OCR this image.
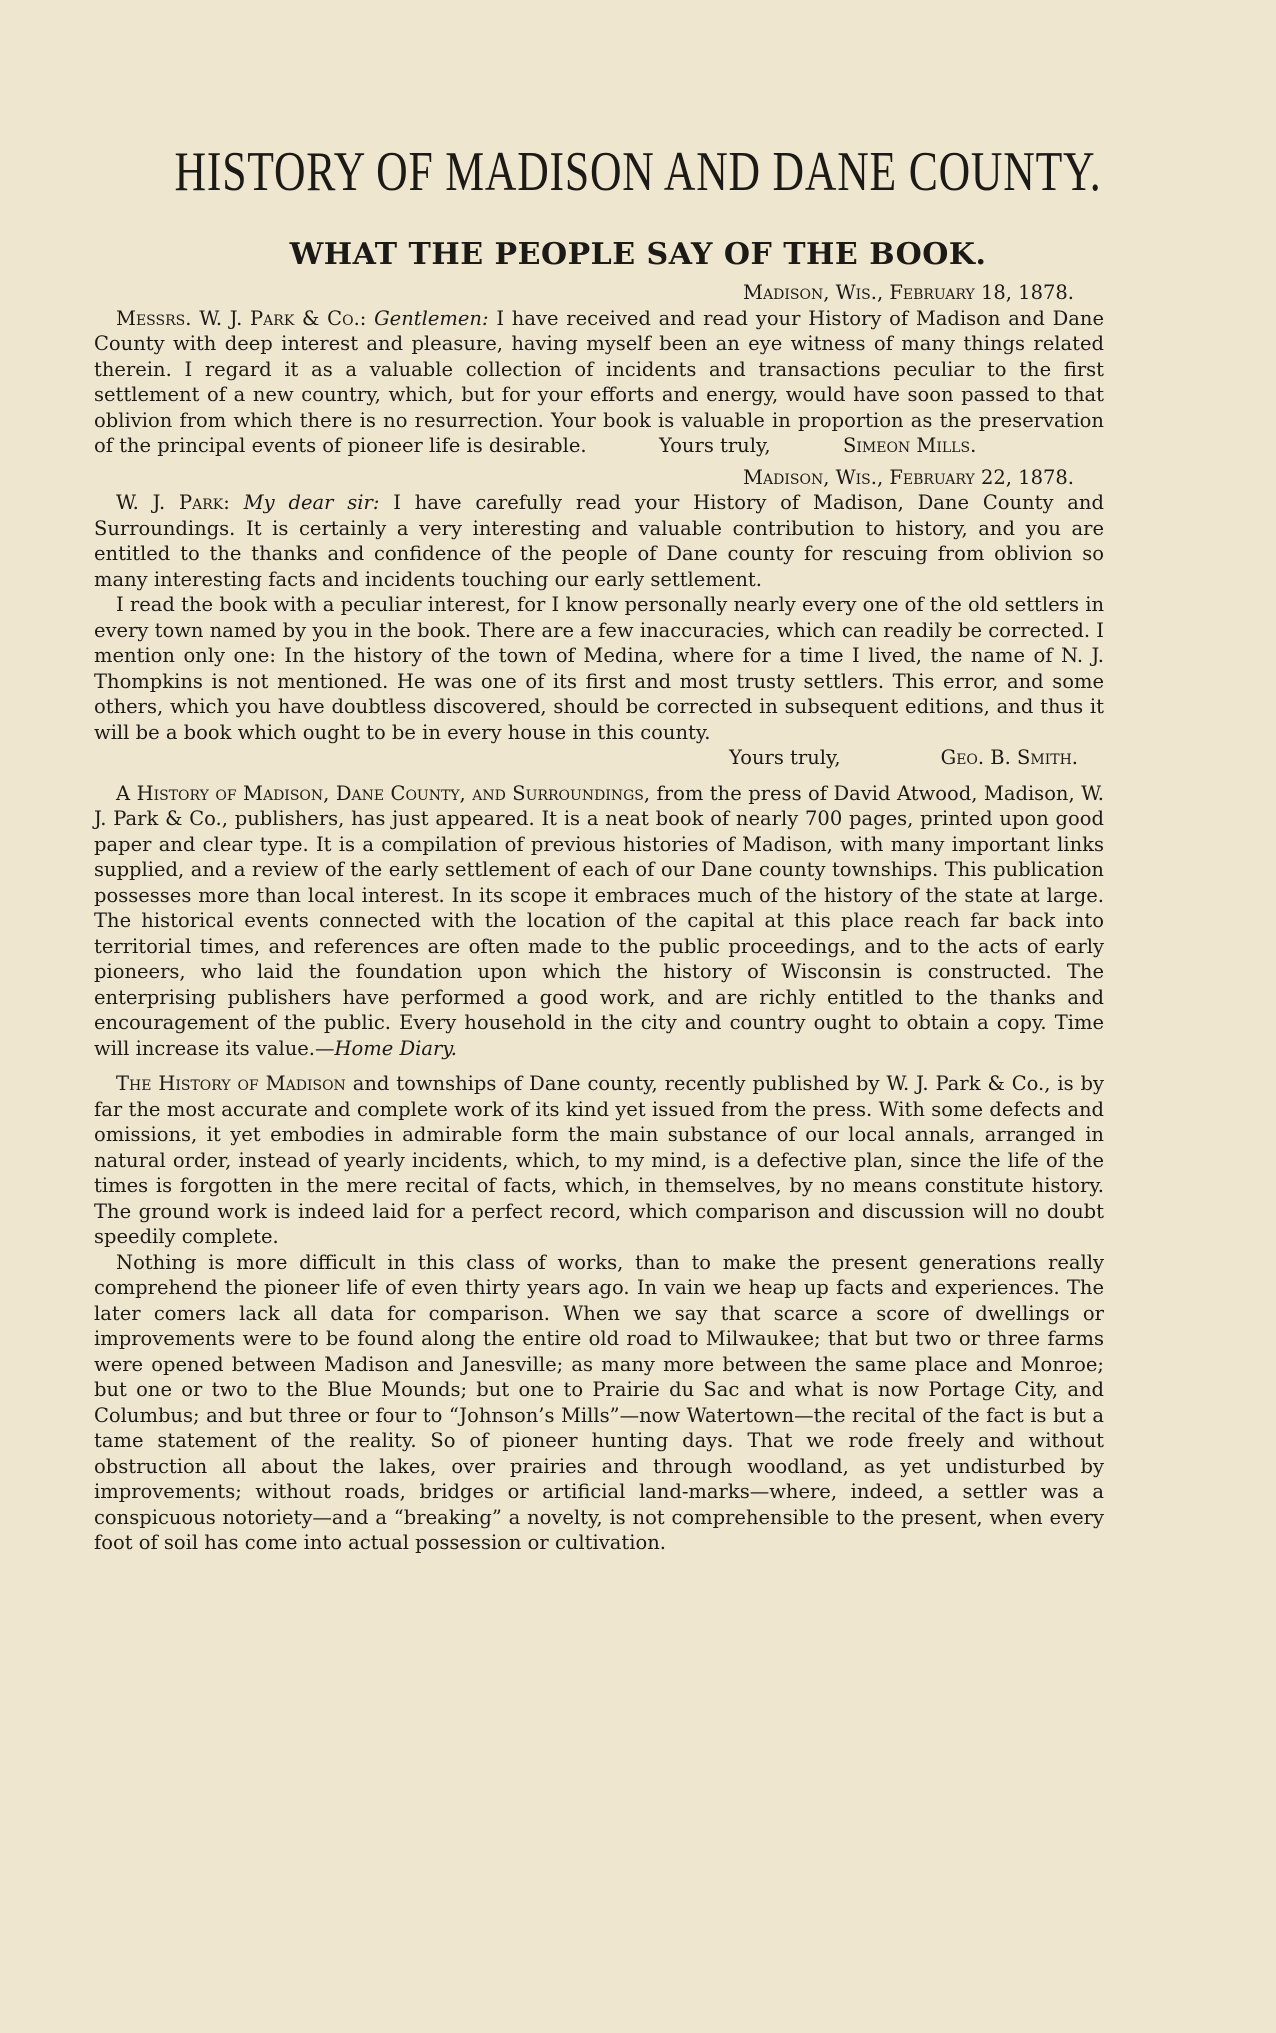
HISTORY OF MADISON AND DANE COUNTY.
WHAT THE PEOPLE SAY OF THE BOOK.

Madison, Wis., February 18, 1878.

Messrs. W. J. Park & Co.: Gentlemen: I have received and read your History of Madison and Dane County with deep interest and pleasure, having myself been an eye witness of many things related therein. I regard it as a valuable collection of incidents and transactions peculiar to the first settlement of a new country, which, but for your efforts and energy, would have soon passed to that oblivion from which there is no resurrection. Your book is valuable in proportion as the preservation of the principal events of pioneer life is desirable.	Yours truly,	Simeon Mills.

Madison, Wis., February 22, 1878.

W. J. Park: My dear sir: I have carefully read your History of Madison, Dane County and Surroundings. It is certainly a very interesting and valuable contribution to history, and you are entitled to the thanks and confidence of the people of Dane county for rescuing from oblivion so many interesting facts and incidents touching our early settlement.

I read the book with a peculiar interest, for I know personally nearly every one of the old settlers in every town named by you in the book. There are a few inaccuracies, which can readily be corrected. I mention only one: In the history of the town of Medina, where for a time I lived, the name of N. J. Thompkins is not mentioned. He was one of its first and most trusty settlers. This error, and some others, which you have doubtless discovered, should be corrected in subsequent editions, and thus it will be a book which ought to be in every house in this county.

Yours truly,	Geo. B. Smith.

A History of Madison, Dane County, and Surroundings, from the press of David Atwood, Madison, W. J. Park & Co., publishers, has just appeared. It is a neat book of nearly 700 pages, printed upon good paper and clear type. It is a compilation of previous histories of Madison, with many important links supplied, and a review of the early settlement of each of our Dane county townships. This publication possesses more than local interest. In its scope it embraces much of the history of the state at large. The historical events connected with the location of the capital at this place reach far back into territorial times, and references are often made to the public proceedings, and to the acts of early pioneers, who laid the foundation upon which the history of Wisconsin is constructed. The enterprising publishers have performed a good work, and are richly entitled to the thanks and encouragement of the public. Every household in the city and country ought to obtain a copy. Time will increase its value.—Home Diary.

The History of Madison and townships of Dane county, recently published by W. J. Park & Co., is by far the most accurate and complete work of its kind yet issued from the press. With some defects and omissions, it yet embodies in admirable form the main substance of our local annals, arranged in natural order, instead of yearly incidents, which, to my mind, is a defective plan, since the life of the times is forgotten in the mere recital of facts, which, in themselves, by no means constitute history. The ground work is indeed laid for a perfect record, which comparison and discussion will no doubt speedily complete.

Nothing is more difficult in this class of works, than to make the present generations really comprehend the pioneer life of even thirty years ago. In vain we heap up facts and experiences. The later comers lack all data for comparison. When we say that scarce a score of dwellings or improvements were to be found along the entire old road to Milwaukee; that but two or three farms were opened between Madison and Janesville; as many more between the same place and Monroe; but one or two to the Blue Mounds; but one to Prairie du Sac and what is now Portage City, and Columbus; and but three or four to “Johnson’s Mills”—now Watertown—the recital of the fact is but a tame statement of the reality. So of pioneer hunting days. That we rode freely and without obstruction all about the lakes, over prairies and through woodland, as yet undisturbed by improvements; without roads, bridges or artificial land-marks—where, indeed, a settler was a conspicuous notoriety—and a “breaking” a novelty, is not comprehensible to the present, when every foot of soil has come into actual possession or cultivation.
